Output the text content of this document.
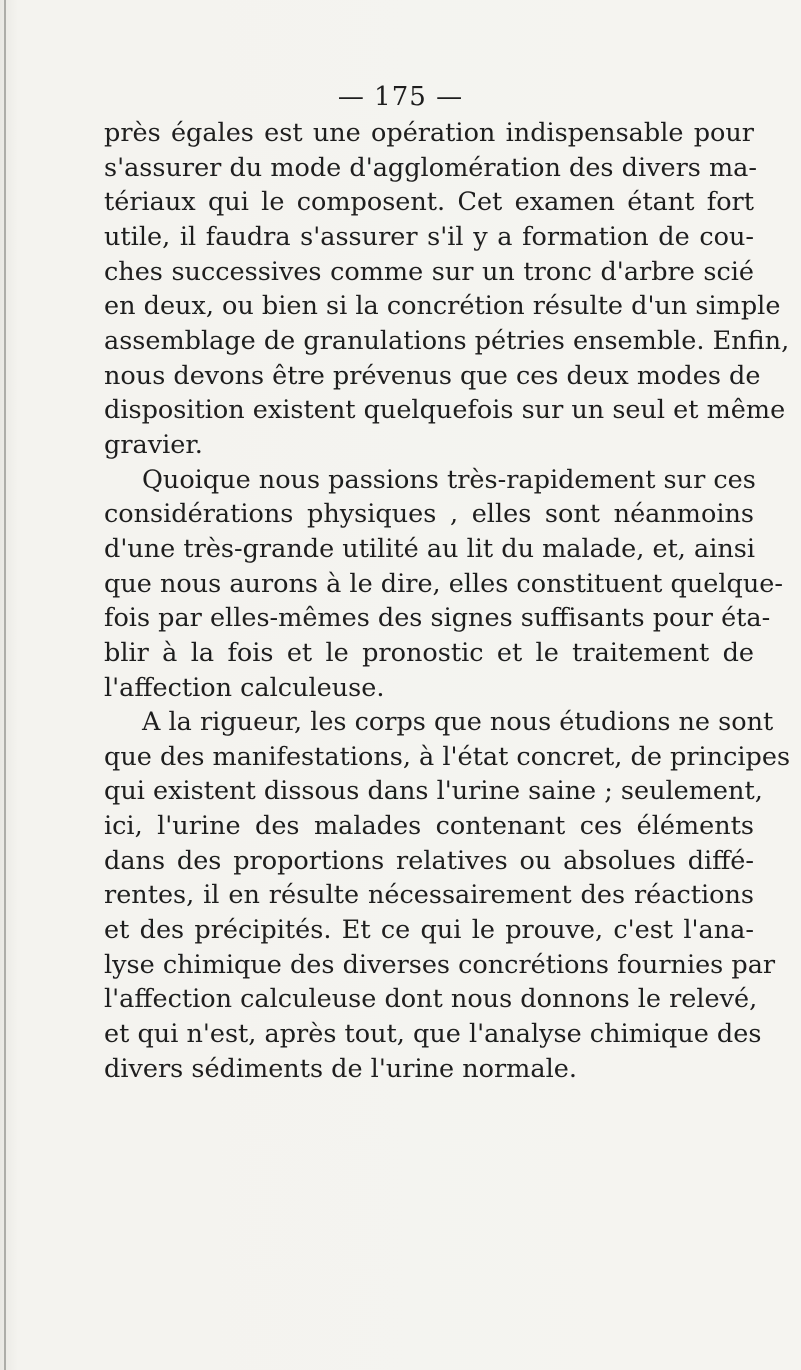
— 175 —
près égales est une opération indispensable pour
s'assurer du mode d'agglomération des divers ma-
tériaux qui le composent. Cet examen étant fort
utile, il faudra s'assurer s'il y a formation de cou-
ches successives comme sur un tronc d'arbre scié
en deux, ou bien si la concrétion résulte d'un simple
assemblage de granulations pétries ensemble. Enfin,
nous devons être prévenus que ces deux modes de
disposition existent quelquefois sur un seul et même
gravier.
Quoique nous passions très-rapidement sur ces
considérations physiques , elles sont néanmoins
d'une très-grande utilité au lit du malade, et, ainsi
que nous aurons à le dire, elles constituent quelque-
fois par elles-mêmes des signes suffisants pour éta-
blir à la fois et le pronostic et le traitement de
l'affection calculeuse.
A la rigueur, les corps que nous étudions ne sont
que des manifestations, à l'état concret, de principes
qui existent dissous dans l'urine saine ; seulement,
ici, l'urine des malades contenant ces éléments
dans des proportions relatives ou absolues diffé-
rentes, il en résulte nécessairement des réactions
et des précipités. Et ce qui le prouve, c'est l'ana-
lyse chimique des diverses concrétions fournies par
l'affection calculeuse dont nous donnons le relevé,
et qui n'est, après tout, que l'analyse chimique des
divers sédiments de l'urine normale.
